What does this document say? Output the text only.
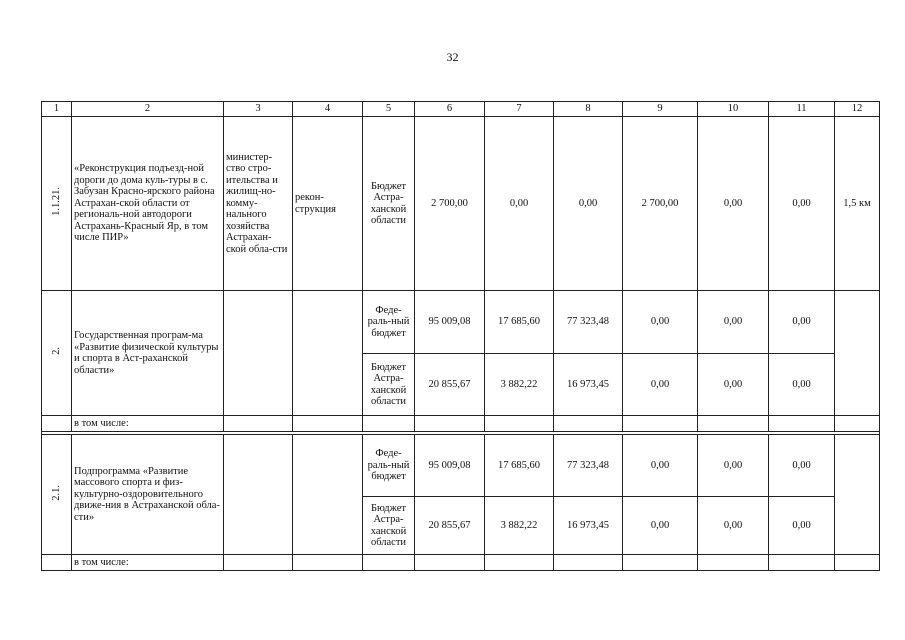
32
1	2	3	4	5	6	7	8	9	10	11	12
1.1.21.	«Реконструкция подъезд-ной дороги до дома куль-туры в с. Забузан Красно-ярского района Астрахан-ской области от региональ-ной автодороги Астрахань-Красный Яр, в том числе ПИР»	министер-ство стро-ительства и жилищ-но-комму-нального хозяйства Астрахан-ской обла-сти	рекон-струкция	Бюджет Астра-ханской области	2 700,00	0,00	0,00	2 700,00	0,00	0,00	1,5 км
2.	Государственная програм-ма «Развитие физической культуры и спорта в Аст-раханской области»			Феде-раль-ный бюджет	95 009,08	17 685,60	77 323,48	0,00	0,00	0,00	
				Бюджет Астра-ханской области	20 855,67	3 882,22	16 973,45	0,00	0,00	0,00	
	в том числе:										

2.1.	Подпрограмма «Развитие массового спорта и физ-культурно-оздоровительного движе-ния в Астраханской обла-сти»			Феде-раль-ный бюджет	95 009,08	17 685,60	77 323,48	0,00	0,00	0,00	
				Бюджет Астра-ханской области	20 855,67	3 882,22	16 973,45	0,00	0,00	0,00	
	в том числе:										
